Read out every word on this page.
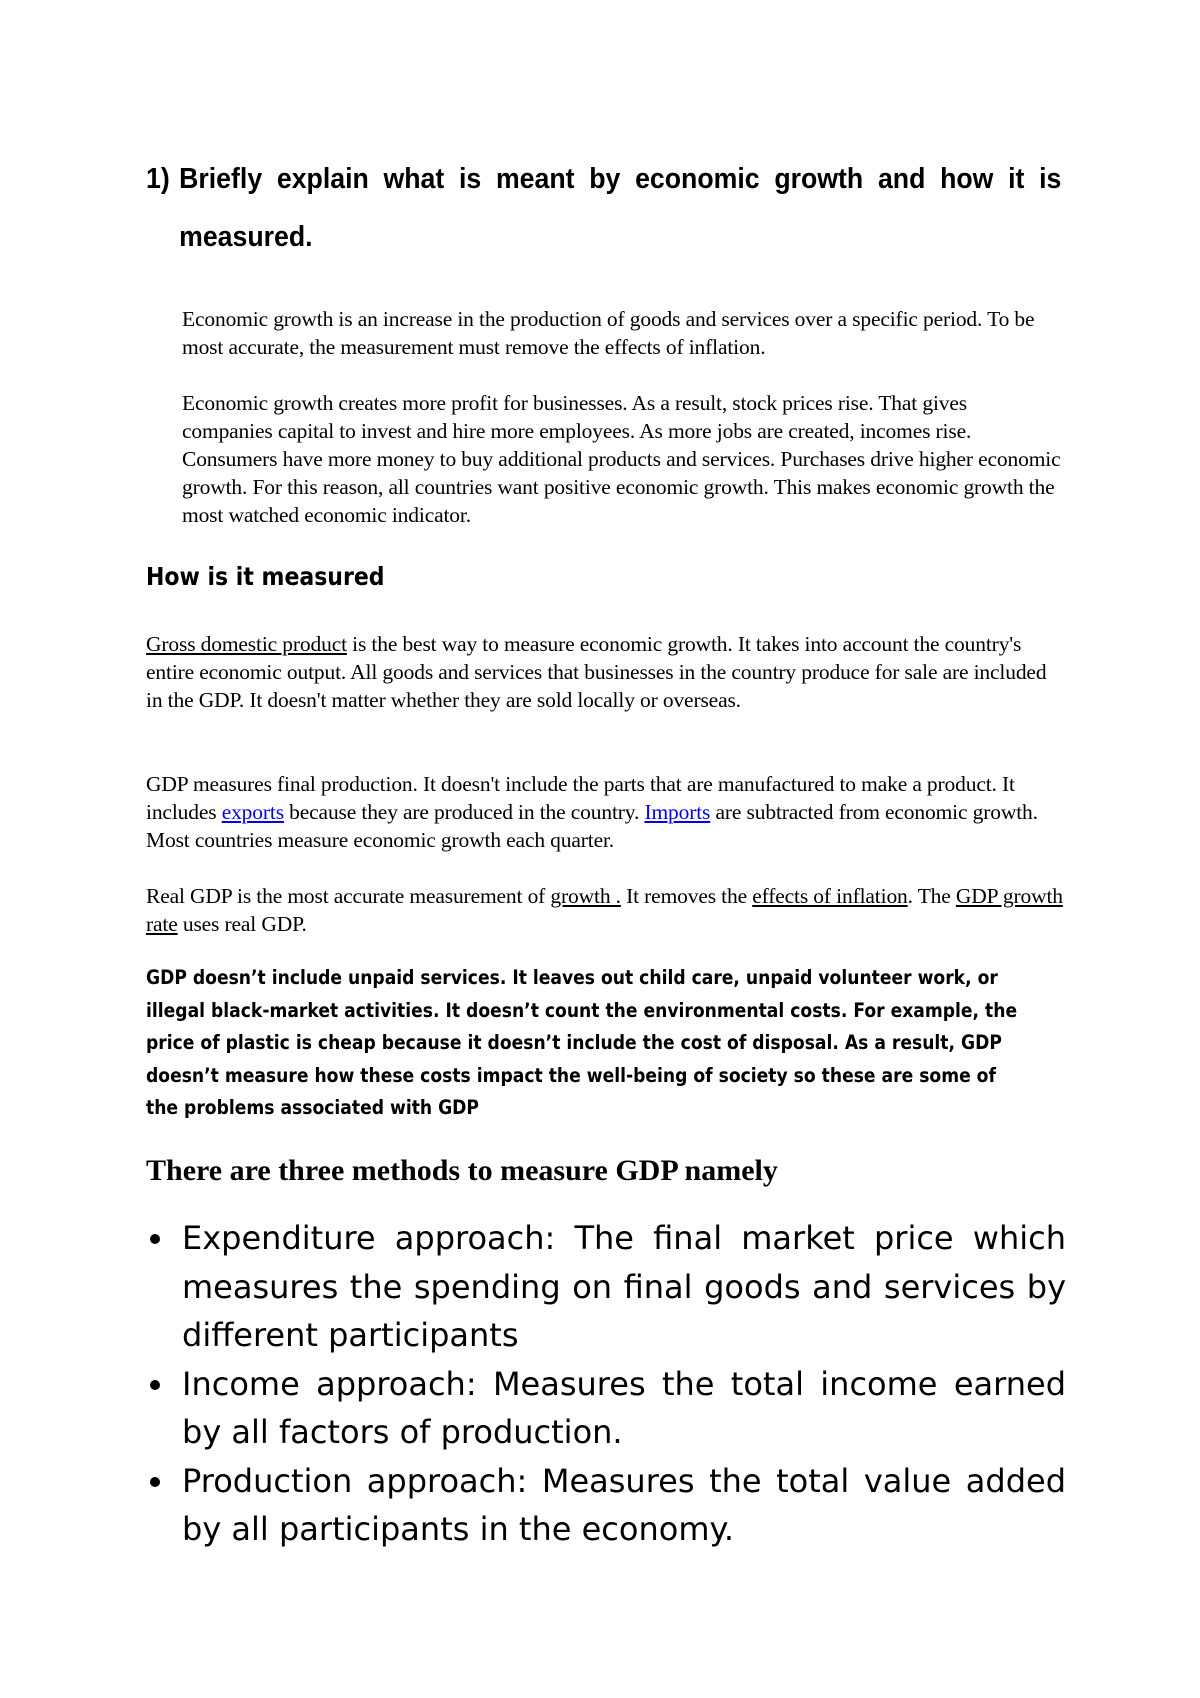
1) Briefly explain what is meant by economic growth and how it is measured.
Economic growth is an increase in the production of goods and services over a specific period. To be most accurate, the measurement must remove the effects of inflation.
Economic growth creates more profit for businesses. As a result, stock prices rise. That gives companies capital to invest and hire more employees. As more jobs are created, incomes rise. Consumers have more money to buy additional products and services. Purchases drive higher economic growth. For this reason, all countries want positive economic growth. This makes economic growth the most watched economic indicator.
How is it measured
Gross domestic product is the best way to measure economic growth. It takes into account the country's entire economic output. All goods and services that businesses in the country produce for sale are included in the GDP. It doesn't matter whether they are sold locally or overseas.
GDP measures final production. It doesn't include the parts that are manufactured to make a product. It includes exports because they are produced in the country. Imports are subtracted from economic growth. Most countries measure economic growth each quarter.
Real GDP is the most accurate measurement of growth . It removes the effects of inflation. The GDP growth rate uses real GDP.
GDP doesn’t include unpaid services. It leaves out child care, unpaid volunteer work, or illegal black-market activities. It doesn’t count the environmental costs. For example, the price of plastic is cheap because it doesn’t include the cost of disposal. As a result, GDP doesn’t measure how these costs impact the well-being of society so these are some of the problems associated with GDP
There are three methods to measure GDP namely
Expenditure approach: The final market price which measures the spending on final goods and services by different participants
Income approach: Measures the total income earned by all factors of production.
Production approach: Measures the total value added by all participants in the economy.
